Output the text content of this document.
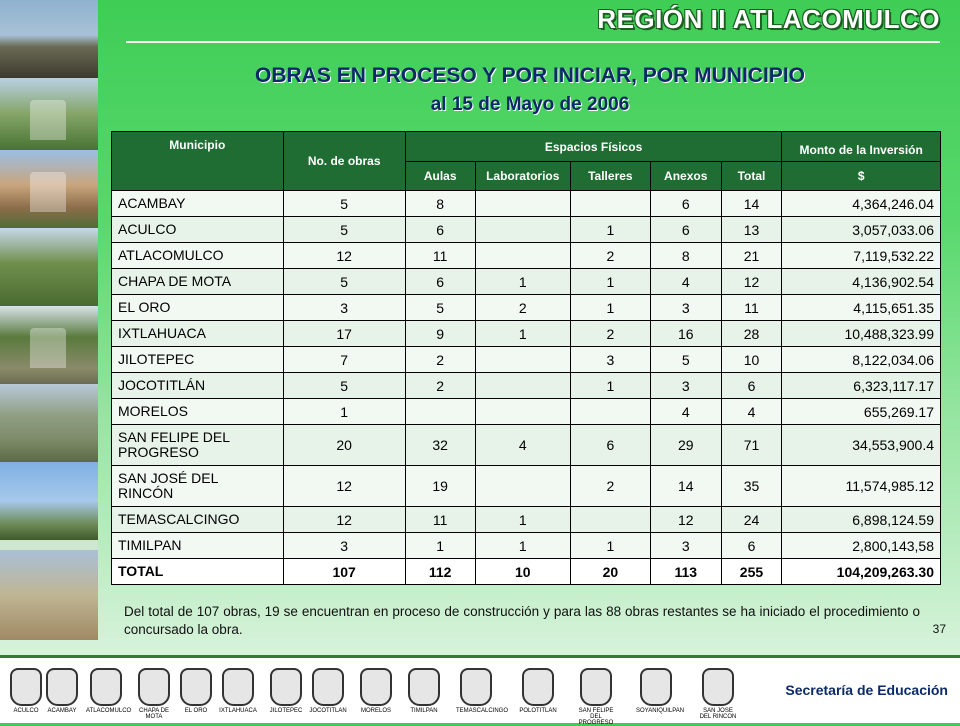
REGIÓN II ATLACOMULCO
OBRAS EN PROCESO Y POR INICIAR, POR MUNICIPIO
al 15 de Mayo de 2006
Municipio	No. de obras	Espacios Físicos					Monto de la Inversión
		Aulas	Laboratorios	Talleres	Anexos	Total	$
ACAMBAY	5	8			6	14	4,364,246.04
ACULCO	5	6		1	6	13	3,057,033.06
ATLACOMULCO	12	11		2	8	21	7,119,532.22
CHAPA DE MOTA	5	6	1	1	4	12	4,136,902.54
EL ORO	3	5	2	1	3	11	4,115,651.35
IXTLAHUACA	17	9	1	2	16	28	10,488,323.99
JILOTEPEC	7	2		3	5	10	8,122,034.06
JOCOTITLÁN	5	2		1	3	6	6,323,117.17
MORELOS	1				4	4	655,269.17
SAN FELIPE DEL PROGRESO	20	32	4	6	29	71	34,553,900.4
SAN JOSÉ DEL RINCÓN	12	19		2	14	35	11,574,985.12
TEMASCALCINGO	12	11	1		12	24	6,898,124.59
TIMILPAN	3	1	1	1	3	6	2,800,143,58
TOTAL	107	112	10	20	113	255	104,209,263.30
Del total de 107 obras, 19 se encuentran en proceso de construcción y para las 88 obras restantes se ha iniciado el procedimiento o concursado la obra.	37
ACULCO	ACAMBAY	ATLACOMULCO	CHAPA DE MOTA
EL ORO	IXTLAHUACA	JILOTEPEC	JOCOTITLAN	MORELOS	TIMILPAN	TEMASCALCINGO POLOTITLAN	SAN FELIPE DEL PROGRESO
SOYANIQUILPAN	SAN JOSE DEL RINCON
Secretaría de Educación
